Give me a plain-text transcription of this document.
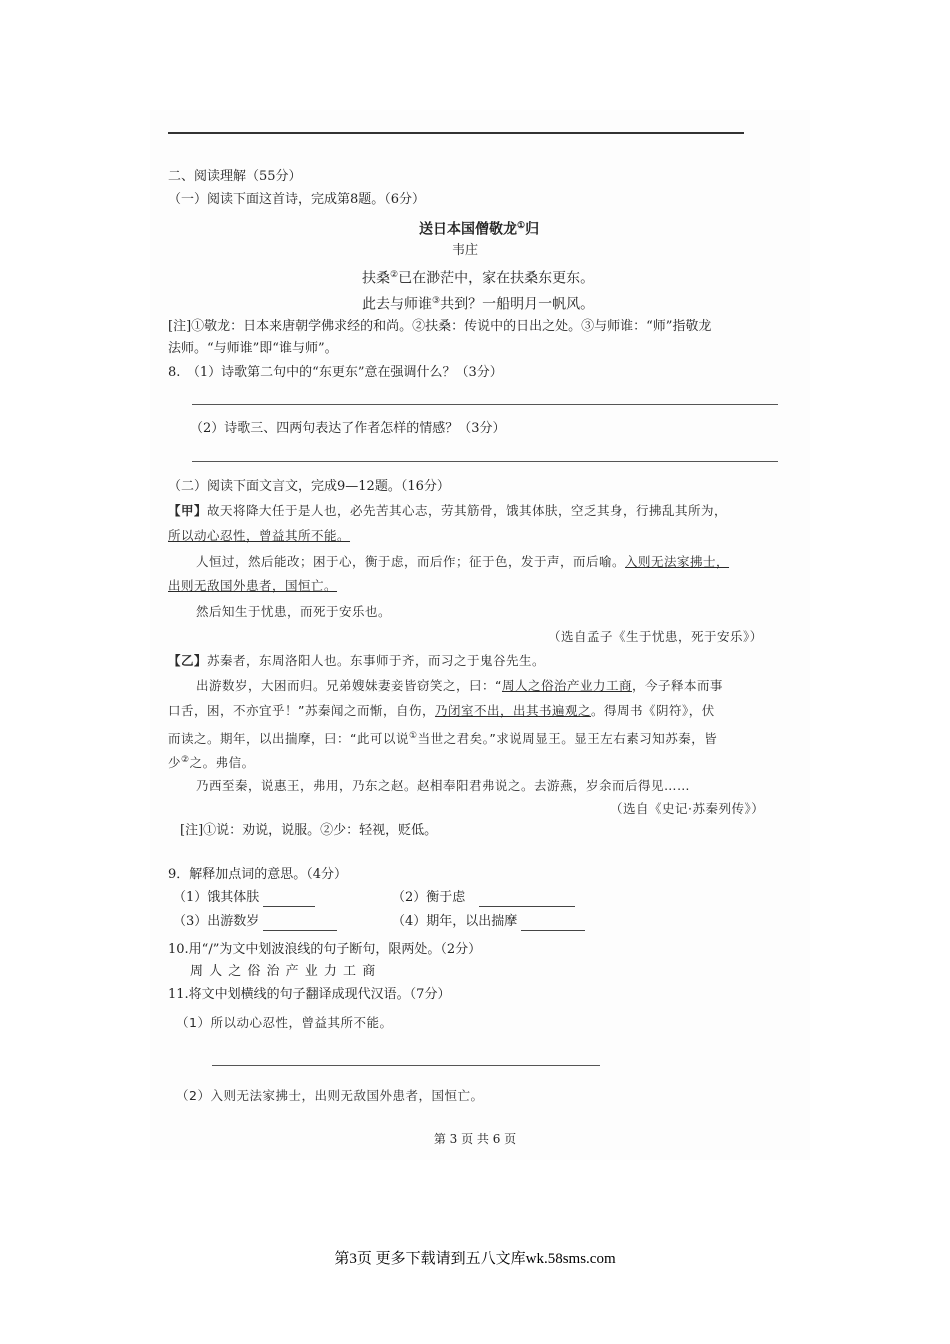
二、阅读理解（55分）
（一）阅读下面这首诗，完成第8题。（6分）
送日本国僧敬龙①归
韦庄
扶桑②已在渺茫中，家在扶桑东更东。
此去与师谁③共到？一船明月一帆风。
[注]①敬龙：日本来唐朝学佛求经的和尚。②扶桑：传说中的日出之处。③与师谁：“师”指敬龙
法师。“与师谁”即“谁与师”。
8.　（1）诗歌第二句中的“东更东”意在强调什么？（3分）
（2）诗歌三、四两句表达了作者怎样的情感？（3分）
（二）阅读下面文言文，完成9—12题。（16分）
【甲】故天将降大任于是人也，必先苦其心志，劳其筋骨，饿其体肤，空乏其身，行拂乱其所为，
所以动心忍性，曾益其所不能。
人恒过，然后能改；困于心，衡于虑，而后作；征于色，发于声，而后喻。入则无法家拂士，
出则无敌国外患者，国恒亡。
然后知生于忧患，而死于安乐也。
（选自孟子《生于忧患，死于安乐》）
【乙】苏秦者，东周洛阳人也。东事师于齐，而习之于鬼谷先生。
出游数岁，大困而归。兄弟嫂妹妻妾皆窃笑之，曰：“周人之俗治产业力工商，今子释本而事
口舌，困，不亦宜乎！”苏秦闻之而惭，自伤，乃闭室不出，出其书遍观之。得周书《阴符》，伏
而读之。期年，以出揣摩，曰：“此可以说①当世之君矣。”求说周显王。显王左右素习知苏秦，皆
少②之。弗信。
乃西至秦，说惠王，弗用，乃东之赵。赵相奉阳君弗说之。去游燕，岁余而后得见……
（选自《史记·苏秦列传》）
[注]①说：劝说，说服。②少：轻视，贬低。
9．解释加点词的意思。（4分）
（1）饿其体肤	（2）衡于虑
（3）出游数岁	（4）期年，以出揣摩
10.用“/”为文中划波浪线的句子断句，限两处。（2分）
周 人 之 俗 治 产 业 力 工 商
11.将文中划横线的句子翻译成现代汉语。（7分）
（1）所以动心忍性，曾益其所不能。
（2）入则无法家拂士，出则无敌国外患者，国恒亡。
第 3 页 共 6 页
第3页 更多下载请到五八文库wk.58sms.com
